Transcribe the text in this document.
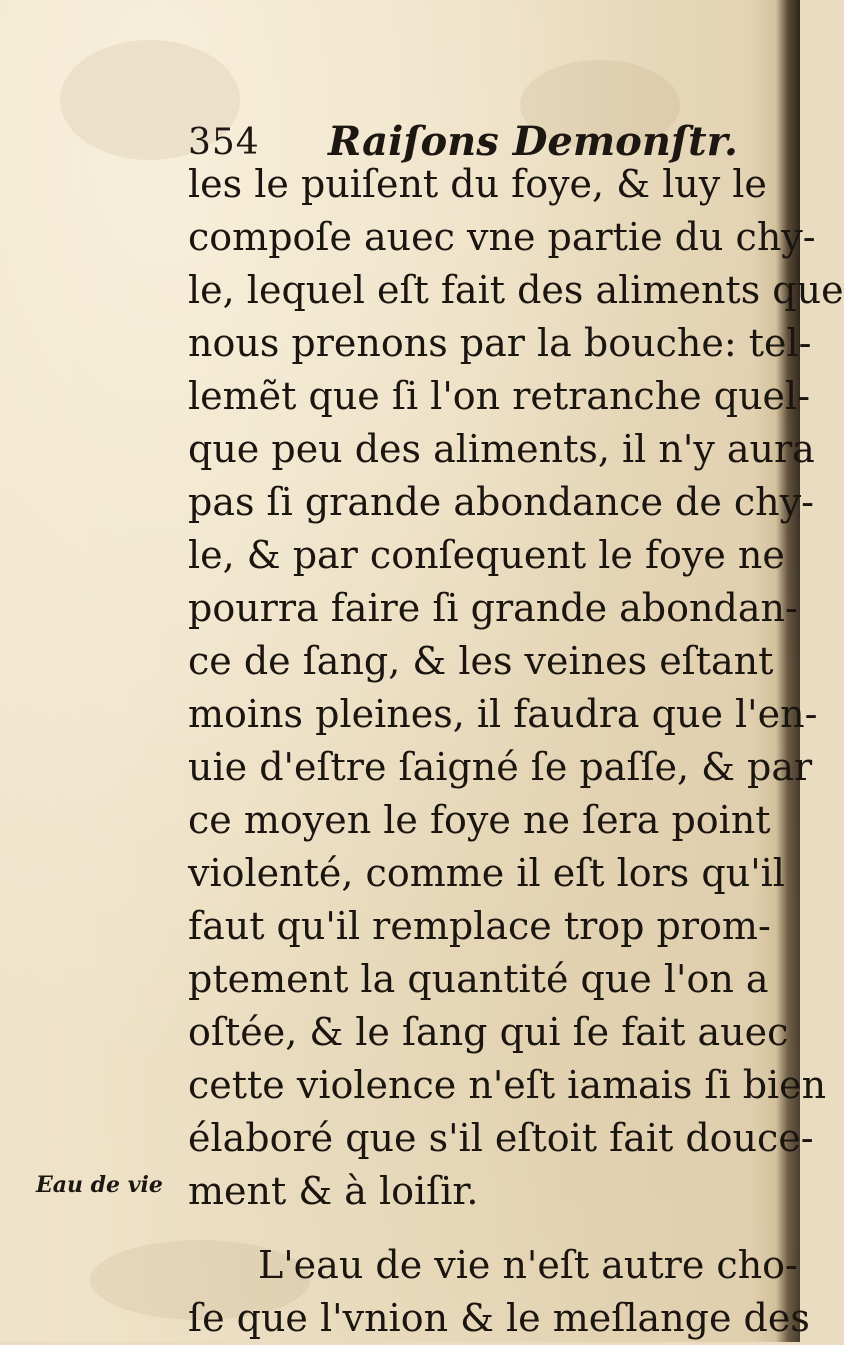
354 Raiſons Demonſtr.
les le puiſent du foye, & luy le
compoſe auec vne partie du chy-
le, lequel eſt fait des aliments que
nous prenons par la bouche: tel-
lemẽt que ſi l'on retranche quel-
que peu des aliments, il n'y aura
pas ſi grande abondance de chy-
le, & par conſequent le foye ne
pourra faire ſi grande abondan-
ce de ſang, & les veines eſtant
moins pleines, il faudra que l'en-
uie d'eſtre ſaigné ſe paſſe, & par
ce moyen le foye ne ſera point
violenté, comme il eſt lors qu'il
faut qu'il remplace trop prom-
ptement la quantité que l'on a
oſtée, & le ſang qui ſe fait auec
cette violence n'eſt iamais ſi bien
élaboré que s'il eſtoit fait douce-
ment & à loiſir.
L'eau de vie n'eſt autre cho-
ſe que l'vnion & le meſlange des
Eau de vie
